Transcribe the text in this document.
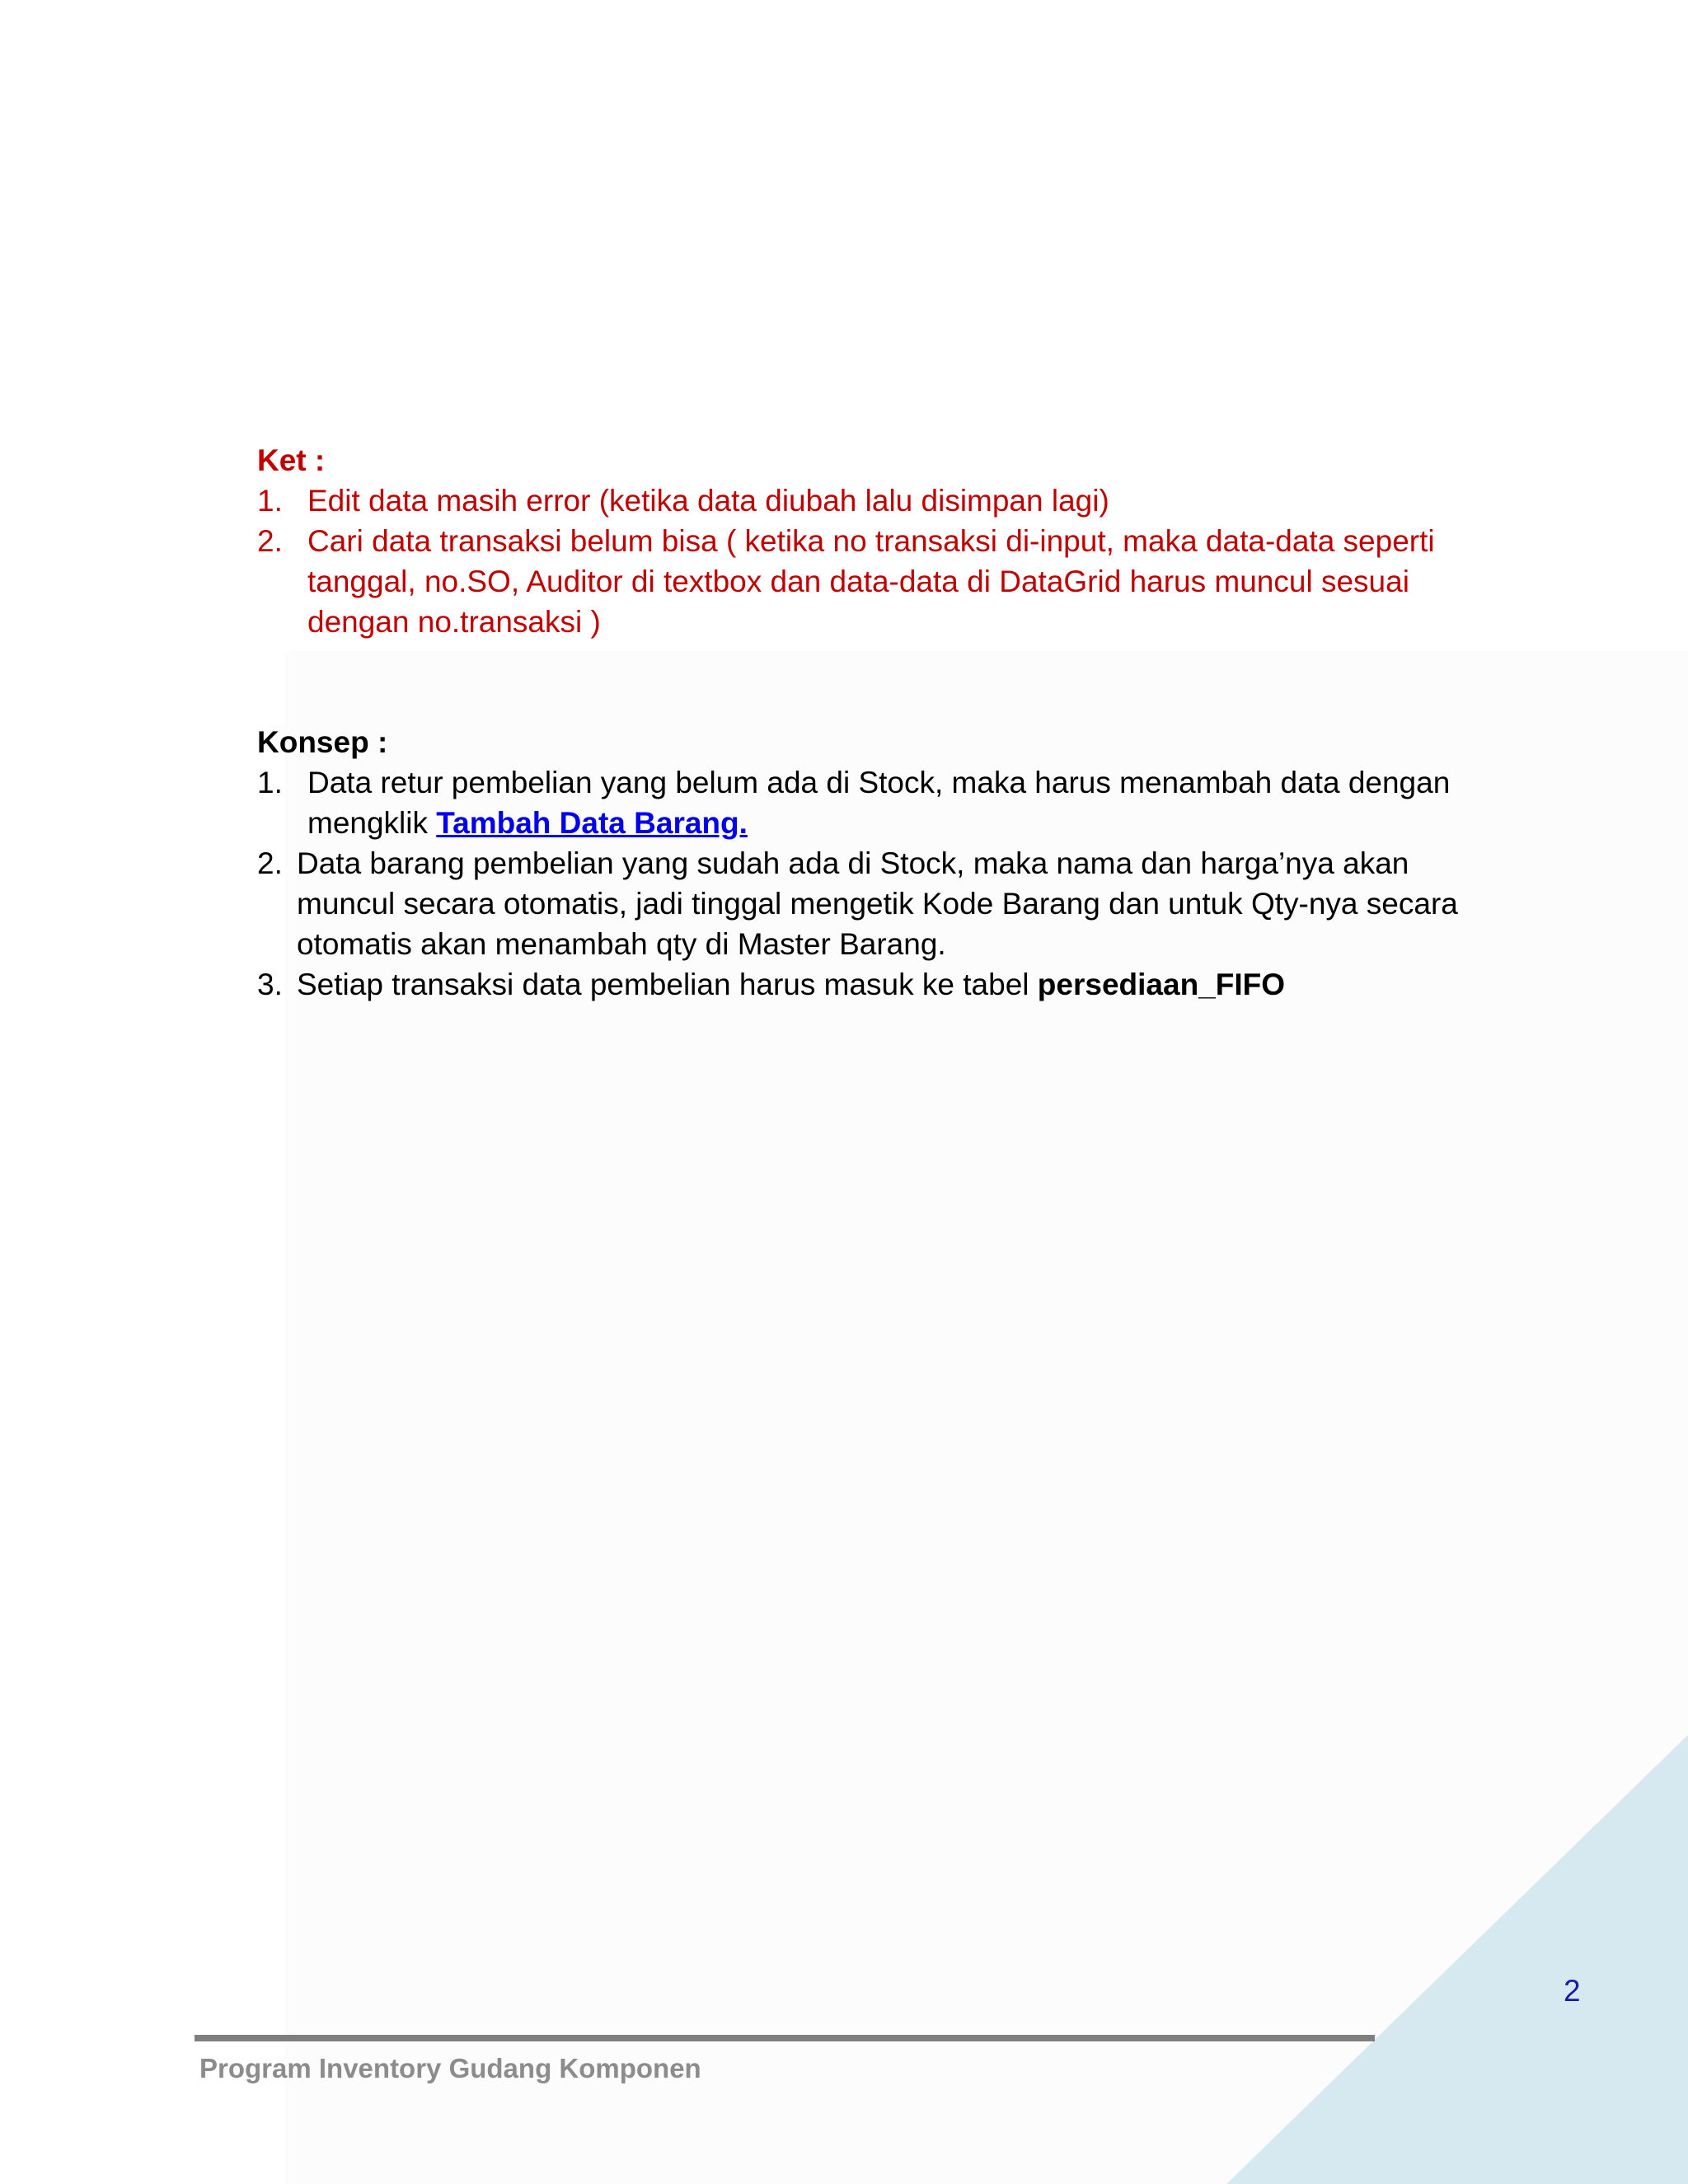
Ket :

1. Edit data masih error (ketika data diubah lalu disimpan lagi)
2. Cari data transaksi belum bisa ( ketika no transaksi di-input, maka data-data seperti tanggal, no.SO, Auditor di textbox dan data-data di DataGrid harus muncul sesuai dengan no.transaksi )

Konsep :

1. Data retur pembelian yang belum ada di Stock, maka harus menambah data dengan mengklik Tambah Data Barang.
2. Data barang pembelian yang sudah ada di Stock, maka nama dan harga’nya akan muncul secara otomatis, jadi tinggal mengetik Kode Barang dan untuk Qty-nya secara otomatis akan menambah qty di Master Barang.
3. Setiap transaksi data pembelian harus masuk ke tabel persediaan_FIFO
2
Program Inventory Gudang Komponen
